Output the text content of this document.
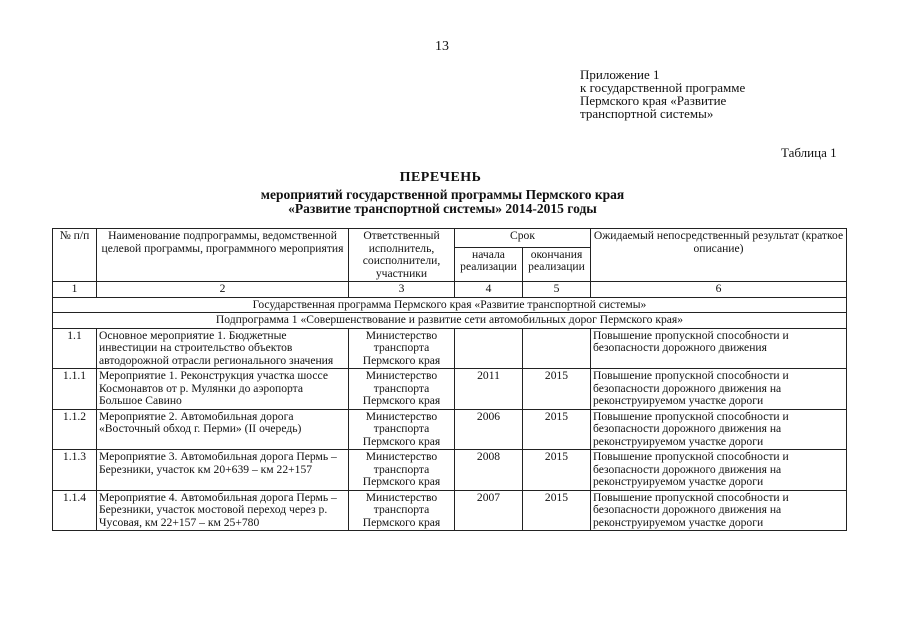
13
Приложение 1
к государственной программе
Пермского края «Развитие
транспортной системы»
Таблица 1
ПЕРЕЧЕНЬ
мероприятий государственной программы Пермского края
«Развитие транспортной системы» 2014-2015 годы
№ п/п	Наименование подпрограммы, ведомственной целевой программы, программного мероприятия	Ответственный исполнитель, соисполнители, участники	Срок		Ожидаемый непосредственный результат (краткое описание)
			начала реализации	окончания реализации	
1	2	3	4	5	6
Государственная программа Пермского края «Развитие транспортной системы»					
Подпрограмма 1 «Совершенствование и развитие сети автомобильных дорог Пермского края»					
1.1	Основное мероприятие 1. Бюджетные инвестиции на строительство объектов автодорожной отрасли регионального значения	Министерство транспорта Пермского края			Повышение пропускной способности и безопасности дорожного движения
1.1.1	Мероприятие 1. Реконструкция участка шоссе Космонавтов от р. Мулянки до аэропорта Большое Савино	Министерство транспорта Пермского края	2011	2015	Повышение пропускной способности и безопасности дорожного движения на реконструируемом участке дороги
1.1.2	Мероприятие 2. Автомобильная дорога «Восточный обход г. Перми» (II очередь)	Министерство транспорта Пермского края	2006	2015	Повышение пропускной способности и безопасности дорожного движения на реконструируемом участке дороги
1.1.3	Мероприятие 3. Автомобильная дорога Пермь – Березники, участок км 20+639 – км 22+157	Министерство транспорта Пермского края	2008	2015	Повышение пропускной способности и безопасности дорожного движения на реконструируемом участке дороги
1.1.4	Мероприятие 4. Автомобильная дорога Пермь – Березники, участок мостовой переход через р. Чусовая, км 22+157 – км 25+780	Министерство транспорта Пермского края	2007	2015	Повышение пропускной способности и безопасности дорожного движения на реконструируемом участке дороги
